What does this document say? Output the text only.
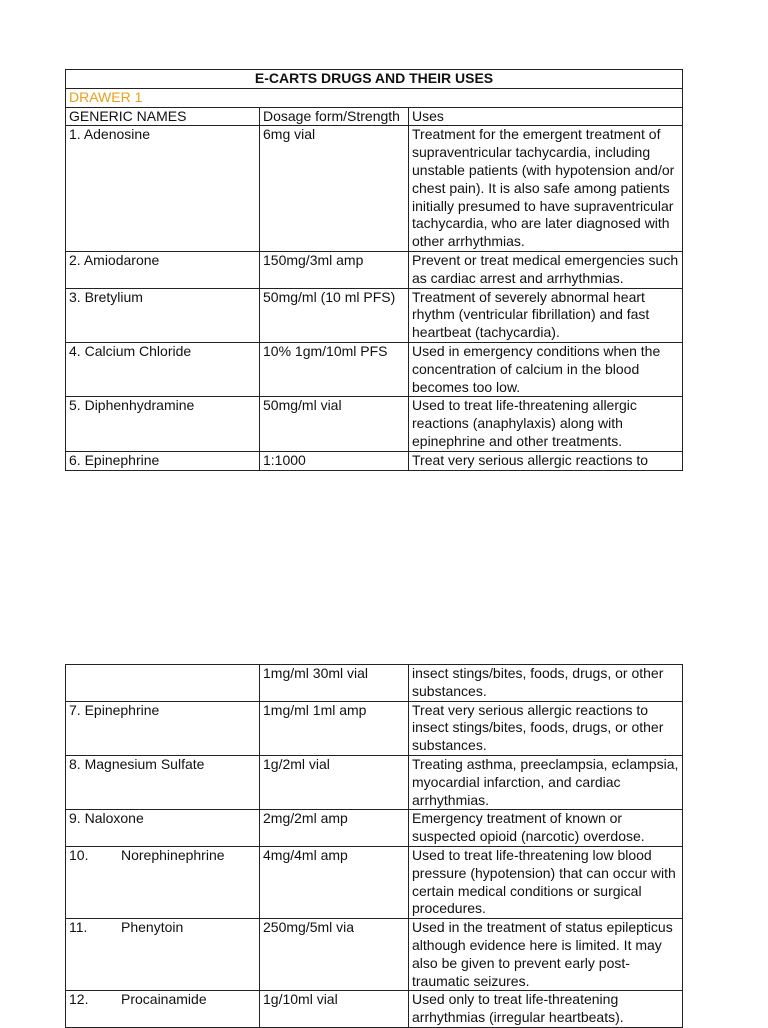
E-CARTS DRUGS AND THEIR USES		
DRAWER 1		
GENERIC NAMES	Dosage form/Strength	Uses
1. Adenosine	6mg vial	Treatment for the emergent treatment of supraventricular tachycardia, including unstable patients (with hypotension and/or chest pain). It is also safe among patients initially presumed to have supraventricular tachycardia, who are later diagnosed with other arrhythmias.
2. Amiodarone	150mg/3ml amp	Prevent or treat medical emergencies such as cardiac arrest and arrhythmias.
3. Bretylium	50mg/ml (10 ml PFS)	Treatment of severely abnormal heart rhythm (ventricular fibrillation) and fast heartbeat (tachycardia).
4. Calcium Chloride	10% 1gm/10ml PFS	Used in emergency conditions when the concentration of calcium in the blood becomes too low.
5. Diphenhydramine	50mg/ml vial	Used to treat life-threatening allergic reactions (anaphylaxis) along with epinephrine and other treatments.
6. Epinephrine	1:1000	Treat very serious allergic reactions to
	1mg/ml 30ml vial	insect stings/bites, foods, drugs, or other substances.
7. Epinephrine	1mg/ml 1ml amp	Treat very serious allergic reactions to insect stings/bites, foods, drugs, or other substances.
8. Magnesium Sulfate	1g/2ml vial	Treating asthma, preeclampsia, eclampsia, myocardial infarction, and cardiac arrhythmias.
9. Naloxone	2mg/2ml amp	Emergency treatment of known or suspected opioid (narcotic) overdose.
10. Norephinephrine	4mg/4ml amp	Used to treat life-threatening low blood pressure (hypotension) that can occur with certain medical conditions or surgical procedures.
11. Phenytoin	250mg/5ml via	Used in the treatment of status epilepticus although evidence here is limited. It may also be given to prevent early post-traumatic seizures.
12. Procainamide	1g/10ml vial	Used only to treat life-threatening arrhythmias (irregular heartbeats).
